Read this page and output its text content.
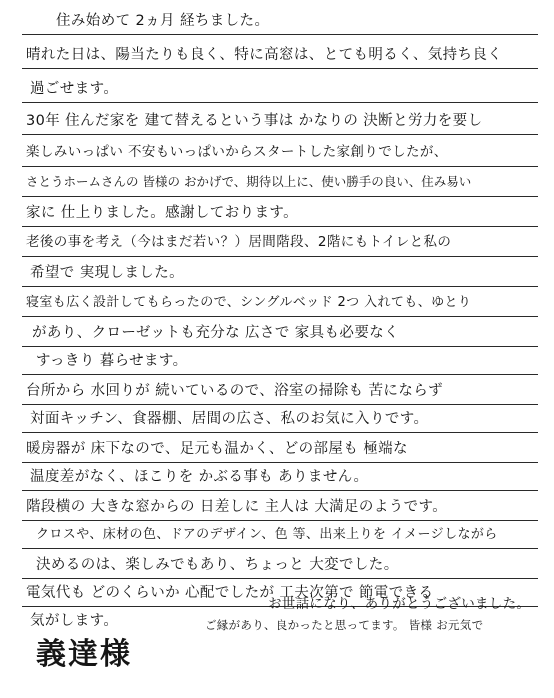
住み始めて 2ヵ月 経ちました。
晴れた日は、陽当たりも良く、特に高窓は、とても明るく、気持ち良く
過ごせます。
30年 住んだ家を 建て替えるという事は かなりの 決断と労力を要し
楽しみいっぱい 不安もいっぱいからスタートした家創りでしたが、
さとうホームさんの 皆様の おかげで、期待以上に、使い勝手の良い、住み易い
家に 仕上りました。感謝しております。
老後の事を考え（今はまだ若い？）居間階段、2階にもトイレと私の
希望で 実現しました。
寝室も広く設計してもらったので、シングルベッド 2つ 入れても、ゆとり
があり、クローゼットも充分な 広さで 家具も必要なく
すっきり 暮らせます。
台所から 水回りが 続いているので、浴室の掃除も 苦にならず
対面キッチン、食器棚、居間の広さ、私のお気に入りです。
暖房器が 床下なので、足元も温かく、どの部屋も 極端な
温度差がなく、ほこりを かぶる事も ありません。
階段横の 大きな窓からの 日差しに 主人は 大満足のようです。
クロスや、床材の色、ドアのデザイン、色 等、出来上りを イメージしながら
決めるのは、楽しみでもあり、ちょっと 大変でした。
電気代も どのくらいか 心配でしたが 工夫次第で 節電できる
気がします。
お世話になり、ありがとうございました。
ご縁があり、良かったと思ってます。 皆様 お元気で
義達様
